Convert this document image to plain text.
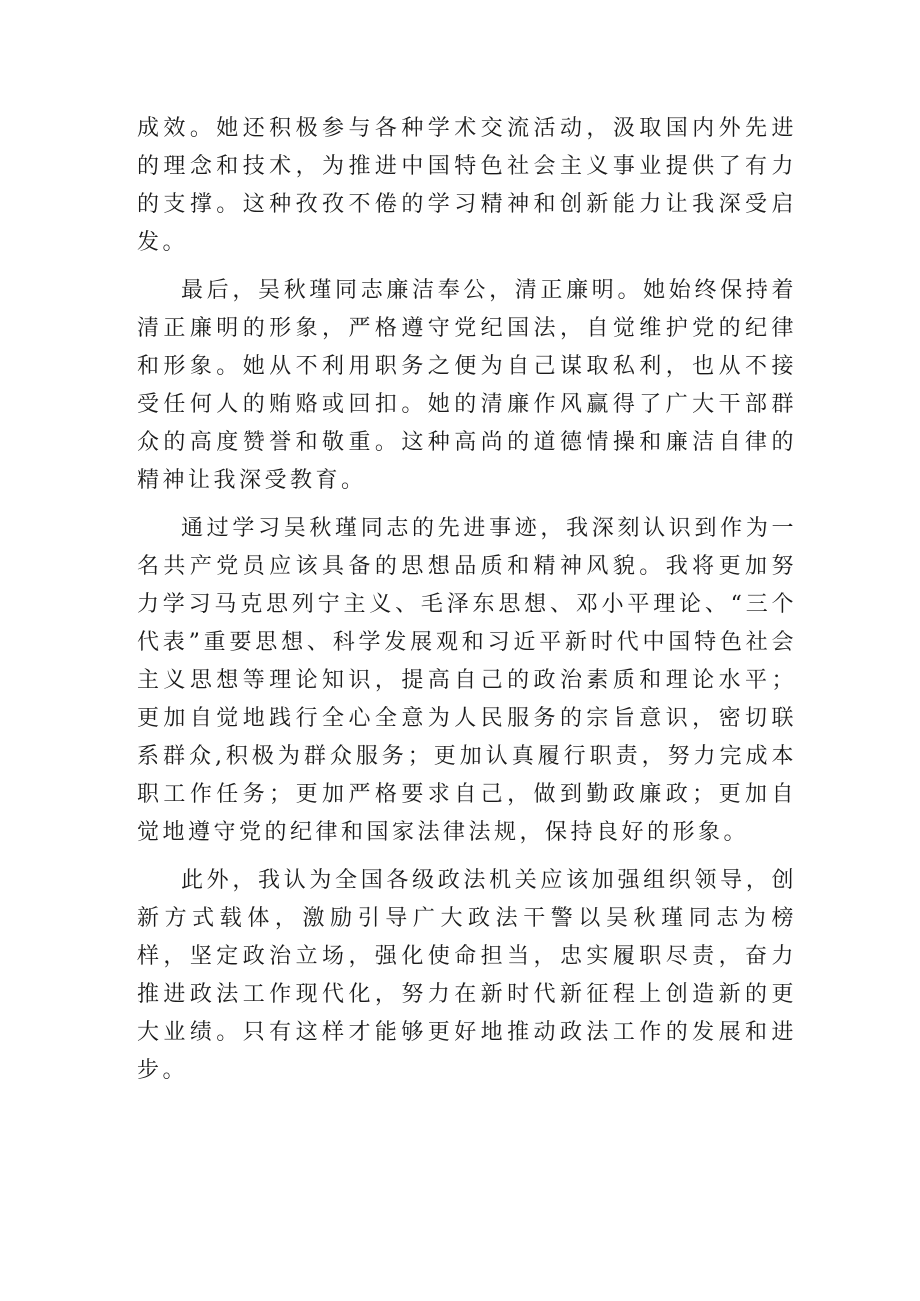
成效。她还积极参与各种学术交流活动，汲取国内外先进的理念和技术，为推进中国特色社会主义事业提供了有力的支撑。这种孜孜不倦的学习精神和创新能力让我深受启发。

最后，吴秋瑾同志廉洁奉公，清正廉明。她始终保持着清正廉明的形象，严格遵守党纪国法，自觉维护党的纪律和形象。她从不利用职务之便为自己谋取私利，也从不接受任何人的贿赂或回扣。她的清廉作风赢得了广大干部群众的高度赞誉和敬重。这种高尚的道德情操和廉洁自律的精神让我深受教育。

通过学习吴秋瑾同志的先进事迹，我深刻认识到作为一名共产党员应该具备的思想品质和精神风貌。我将更加努力学习马克思列宁主义、毛泽东思想、邓小平理论、“三个代表”重要思想、科学发展观和习近平新时代中国特色社会主义思想等理论知识，提高自己的政治素质和理论水平；更加自觉地践行全心全意为人民服务的宗旨意识，密切联系群众,积极为群众服务；更加认真履行职责，努力完成本职工作任务；更加严格要求自己，做到勤政廉政；更加自觉地遵守党的纪律和国家法律法规，保持良好的形象。

此外，我认为全国各级政法机关应该加强组织领导，创新方式载体，激励引导广大政法干警以吴秋瑾同志为榜样，坚定政治立场，强化使命担当，忠实履职尽责，奋力推进政法工作现代化，努力在新时代新征程上创造新的更大业绩。只有这样才能够更好地推动政法工作的发展和进步。
